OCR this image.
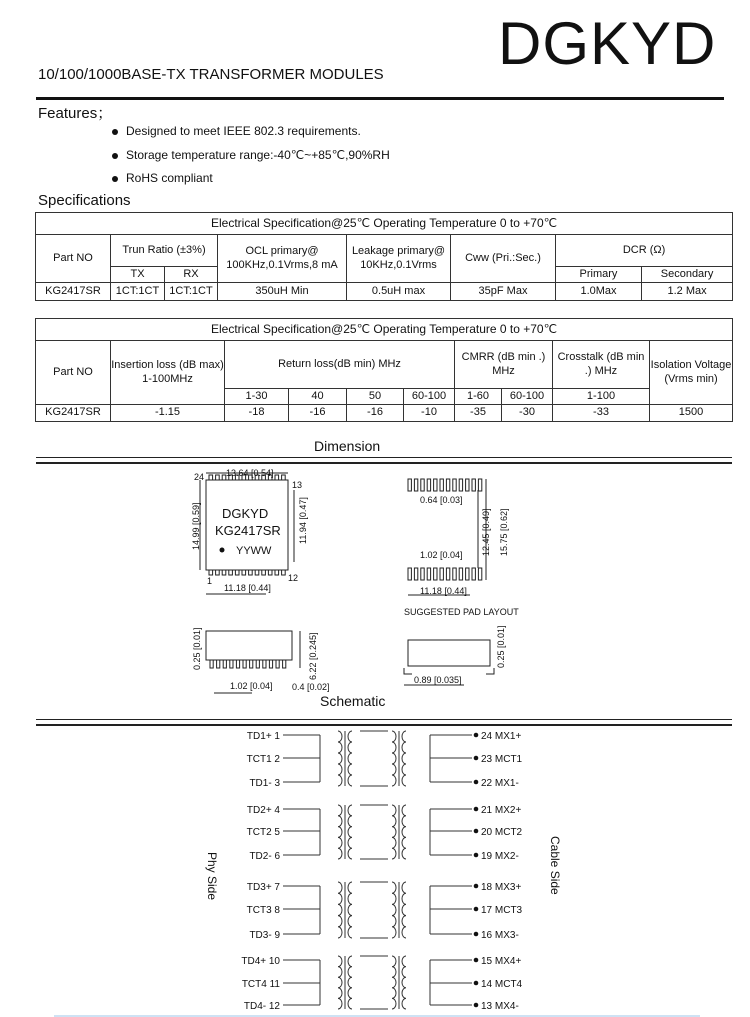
DGKYD
10/100/1000BASE-TX TRANSFORMER MODULES
Features；
Designed to meet IEEE 802.3 requirements.
Storage temperature range:-40℃~+85℃,90%RH
RoHS compliant
Specifications
Electrical Specification@25℃ Operating Temperature 0 to +70℃							
Part NO	Trun Ratio (±3%)		OCL primary@ 100KHz,0.1Vrms,8 mA	Leakage primary@ 10KHz,0.1Vrms	Cww (Pri.:Sec.)	DCR (Ω)	
	TX	RX				Primary	Secondary
KG2417SR	1CT:1CT	1CT:1CT	350uH Min	0.5uH max	35pF Max	1.0Max	1.2 Max
Electrical Specification@25℃ Operating Temperature 0 to +70℃									
Part NO	Insertion loss (dB max) 1-100MHz	Return loss(dB min) MHz				CMRR (dB min .) MHz		Crosstalk (dB min .) MHz	Isolation Voltage (Vrms min)
		1-30	40	50	60-100	1-60	60-100	1-100	
KG2417SR	-1.15	-18	-16	-16	-10	-35	-30	-33	1500
Dimension
13.64 [0.54]
24
13
1	12
14.99 [0.59]	11.94 [0.47]
DGKYD
KG2417SR
YYWW
11.18 [0.44]
0.64 [0.03]
1.02 [0.04] 12.45 [0.49] 15.75 [0.62]
11.18 [0.44]
SUGGESTED PAD LAYOUT
0.25 [0.01]	6.22 [0.245]
1.02 [0.04] 0.4 [0.02]
0.25 [0.01]
0.89 [0.035]
Schematic
TD1+ 1	24 MX1+
TCT1 2	23 MCT1
TD1- 3	22 MX1-
TD2+ 4	21 MX2+
TCT2 5	20 MCT2
TD2- 6	19 MX2-
TD3+ 7	18 MX3+
TCT3 8	17 MCT3
TD3- 9	16 MX3-
TD4+ 10	15 MX4+
TCT4 11	14 MCT4
TD4- 12	13 MX4-
Phy Side	Cable Side
